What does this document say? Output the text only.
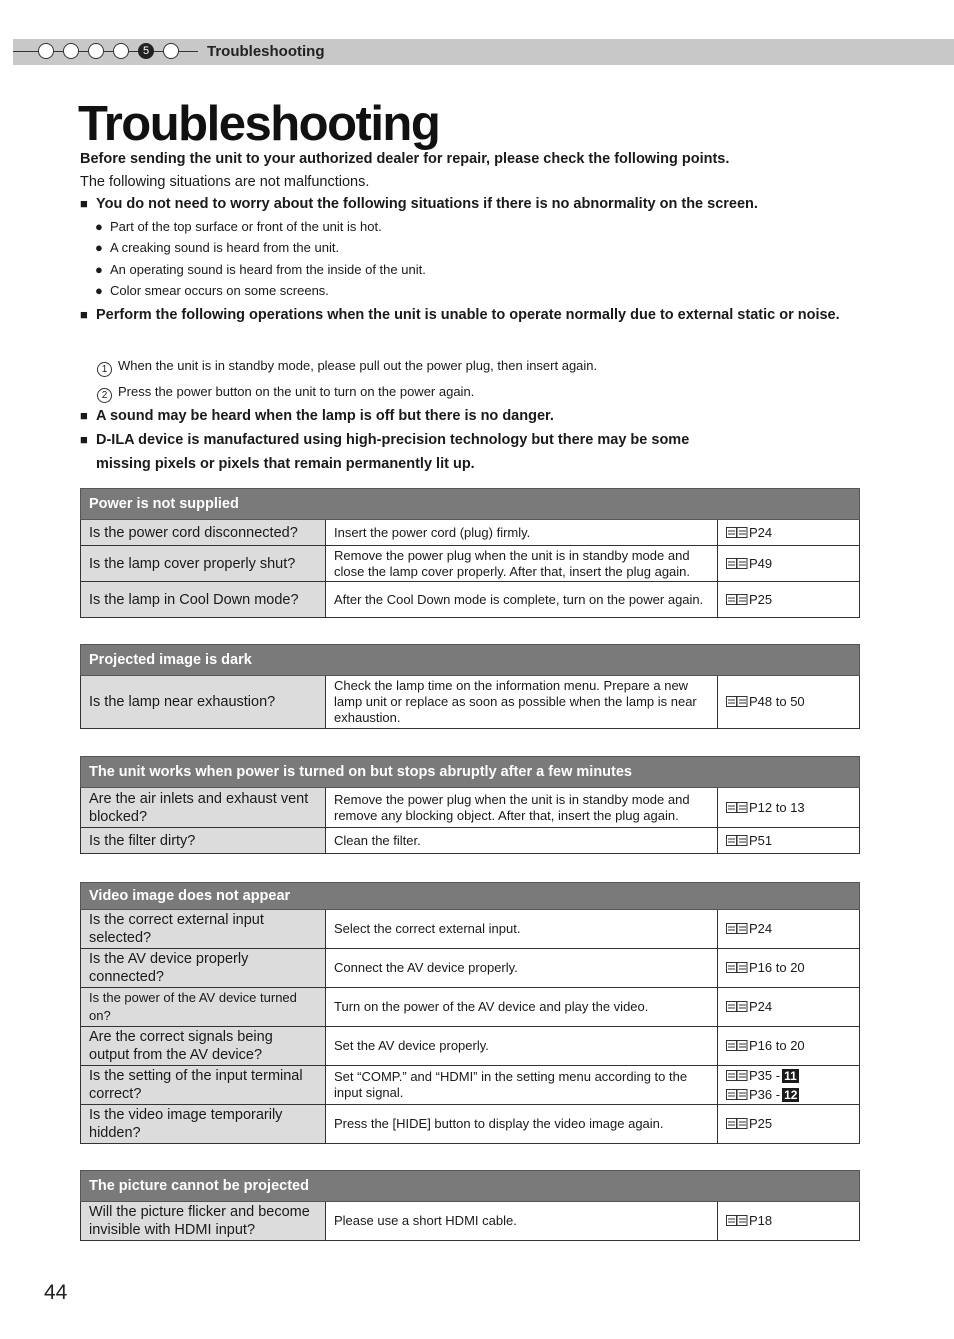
5	Troubleshooting
Troubleshooting
Before sending the unit to your authorized dealer for repair, please check the following points.
The following situations are not malfunctions.
■ You do not need to worry about the following situations if there is no abnormality on the screen.
● Part of the top surface or front of the unit is hot.
● A creaking sound is heard from the unit.
● An operating sound is heard from the inside of the unit.
● Color smear occurs on some screens.
■ Perform the following operations when the unit is unable to operate normally due to external static or noise.
1 When the unit is in standby mode, please pull out the power plug, then insert again.
2 Press the power button on the unit to turn on the power again.
■ A sound may be heard when the lamp is off but there is no danger.
■ D-ILA device is manufactured using high-precision technology but there may be some
missing pixels or pixels that remain permanently lit up.
Power is not supplied		
Is the power cord disconnected?	Insert the power cord (plug) firmly.	P24
Is the lamp cover properly shut?	Remove the power plug when the unit is in standby mode and close the lamp cover properly. After that, insert the plug again.	P49
Is the lamp in Cool Down mode?	After the Cool Down mode is complete, turn on the power again.	P25
Projected image is dark
Is the lamp near exhaustion?	Check the lamp time on the information menu. Prepare a new lamp unit or replace as soon as possible when the lamp is near exhaustion.	P48 to 50
The unit works when power is turned on but stops abruptly after a few minutes		
Are the air inlets and exhaust vent blocked?	Remove the power plug when the unit is in standby mode and remove any blocking object. After that, insert the plug again.	P12 to 13
Is the filter dirty?	Clean the filter.	P51
Video image does not appear		
Is the correct external input selected?	Select the correct external input.	P24
Is the AV device properly connected?	Connect the AV device properly.	P16 to 20
Is the power of the AV device turned on?	Turn on the power of the AV device and play the video.	P24
Are the correct signals being output from the AV device?	Set the AV device properly.	P16 to 20
Is the setting of the input terminal correct?	Set “COMP.” and “HDMI” in the setting menu according to the input signal.	P35 - 11
P36 - 12

Is the video image temporarily hidden?	Press the [HIDE] button to display the video image again.	P25
The picture cannot be projected
Will the picture flicker and become invisible with HDMI input?	Please use a short HDMI cable.	P18
44
